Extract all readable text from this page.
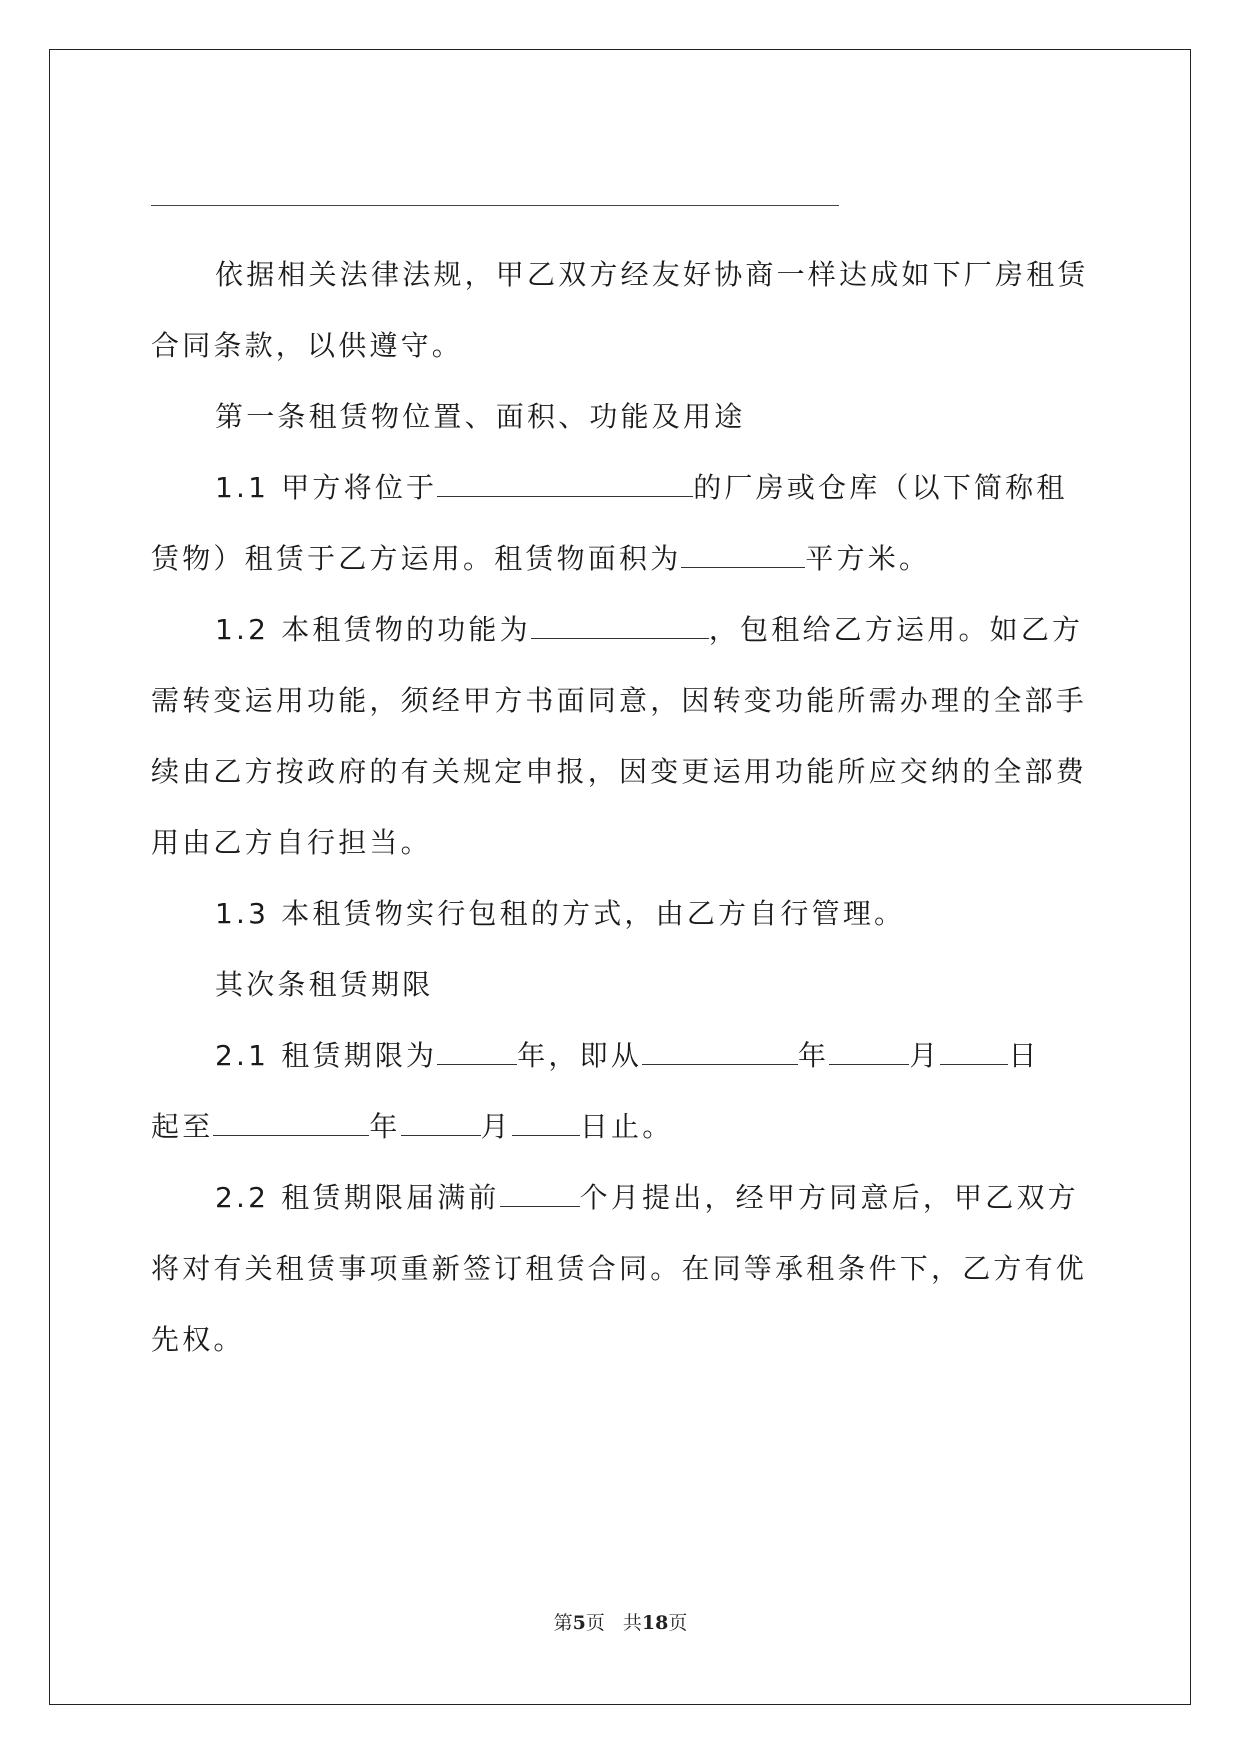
依据相关法律法规，甲乙双方经友好协商一样达成如下厂房租赁
合同条款，以供遵守。
第一条租赁物位置、面积、功能及用途
1.1 甲方将位于	的厂房或仓库（以下简称租
赁物）租赁于乙方运用。租赁物面积为	平方米。
1.2 本租赁物的功能为	，包租给乙方运用。如乙方
需转变运用功能，须经甲方书面同意，因转变功能所需办理的全部手
续由乙方按政府的有关规定申报，因变更运用功能所应交纳的全部费
用由乙方自行担当。
1.3 本租赁物实行包租的方式，由乙方自行管理。
其次条租赁期限
2.1 租赁期限为	年，即从	年	月 日
起至	年	月 日止。
2.2 租赁期限届满前	个月提出，经甲方同意后，甲乙双方
将对有关租赁事项重新签订租赁合同。在同等承租条件下，乙方有优
先权。
第5页 共18页
